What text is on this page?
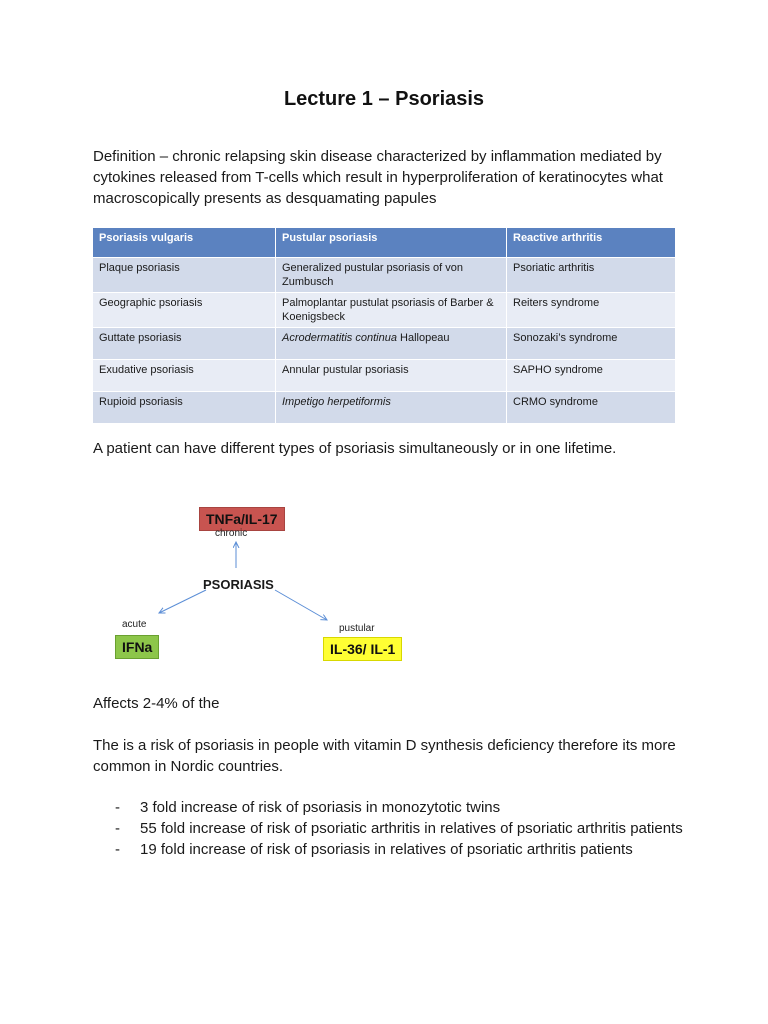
Lecture 1 – Psoriasis

Definition – chronic relapsing skin disease characterized by inflammation mediated by cytokines released from T-cells which result in hyperproliferation of keratinocytes what macroscopically presents as desquamating papules

Psoriasis vulgaris	Pustular psoriasis	Reactive arthritis
Plaque psoriasis	Generalized pustular psoriasis of von Zumbusch	Psoriatic arthritis
Geographic psoriasis	Palmoplantar pustulat psoriasis of Barber & Koenigsbeck	Reiters syndrome
Guttate psoriasis	Acrodermatitis continua Hallopeau	Sonozaki’s syndrome
Exudative psoriasis	Annular pustular psoriasis	SAPHO syndrome
Rupioid psoriasis	Impetigo herpetiformis	CRMO syndrome

A patient can have different types of psoriasis simultaneously or in one lifetime.

TNFa/IL-17
chronic
PSORIASIS
acute
IFNa
pustular
IL-36/ IL-1

Affects 2-4% of the

The is a risk of psoriasis in people with vitamin D synthesis deficiency therefore its more common in Nordic countries.

- 3 fold increase of risk of psoriasis in monozytotic twins
- 55 fold increase of risk of psoriatic arthritis in relatives of psoriatic arthritis patients
- 19 fold increase of risk of psoriasis in relatives of psoriatic arthritis patients
